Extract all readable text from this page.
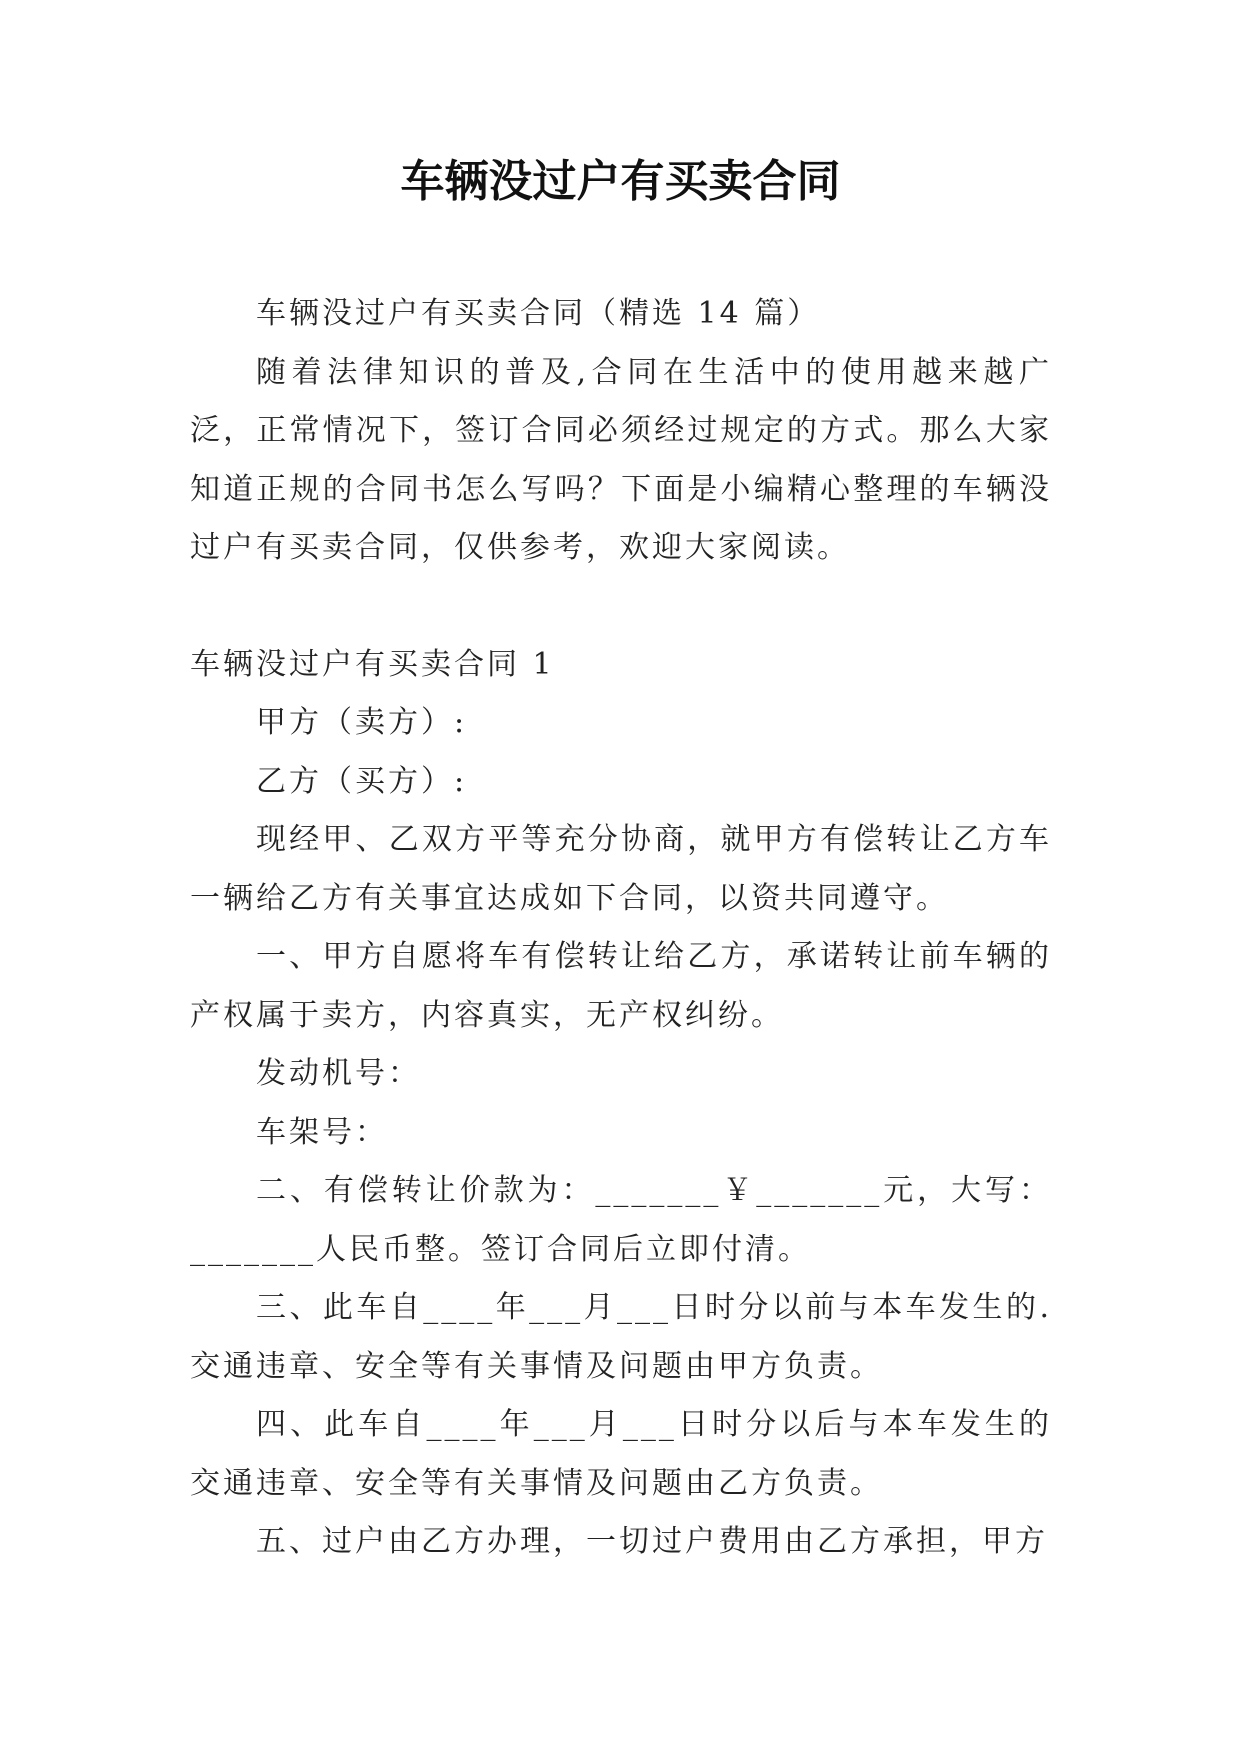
车辆没过户有买卖合同

车辆没过户有买卖合同（精选 14 篇）

随着法律知识的普及,合同在生活中的使用越来越广泛，正常情况下，签订合同必须经过规定的方式。那么大家知道正规的合同书怎么写吗？下面是小编精心整理的车辆没过户有买卖合同，仅供参考，欢迎大家阅读。

车辆没过户有买卖合同 1

甲方（卖方）:

乙方（买方）:

现经甲、乙双方平等充分协商，就甲方有偿转让乙方车一辆给乙方有关事宜达成如下合同，以资共同遵守。

一、甲方自愿将车有偿转让给乙方，承诺转让前车辆的产权属于卖方，内容真实，无产权纠纷。

发动机号：

车架号：

二、有偿转让价款为：_______￥_______元，大写：_______人民币整。签订合同后立即付清。

三、此车自____年___月___日时分以前与本车发生的.交通违章、安全等有关事情及问题由甲方负责。

四、此车自____年___月___日时分以后与本车发生的交通违章、安全等有关事情及问题由乙方负责。

五、过户由乙方办理，一切过户费用由乙方承担，甲方
